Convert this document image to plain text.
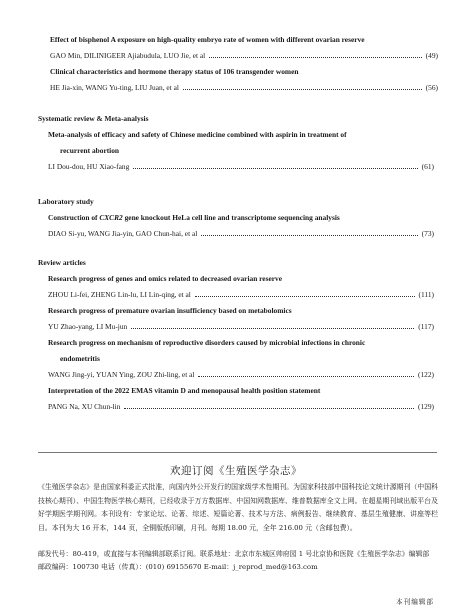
Effect of bisphenol A exposure on high-quality embryo rate of women with different ovarian reserve
GAO Min, DILINIGEER Ajiabudula, LUO Jie, et al	(49)
Clinical characteristics and hormone therapy status of 106 transgender women
HE Jia-xin, WANG Yu-ting, LIU Juan, et al	(56)
Systematic review & Meta-analysis
Meta-analysis of efficacy and safety of Chinese medicine combined with aspirin in treatment of
recurrent abortion
LI Dou-dou, HU Xiao-fang	(61)
Laboratory study
Construction of CXCR2 gene knockout HeLa cell line and transcriptome sequencing analysis
DIAO Si-yu, WANG Jia-yin, GAO Chun-hai, et al	(73)
Review articles
Research progress of genes and omics related to decreased ovarian reserve
ZHOU Li-fei, ZHENG Lin-lu, LI Lin-qing, et al	(111)
Research progress of premature ovarian insufficiency based on metabolomics
YU Zhao-yang, LI Mu-jun	(117)
Research progress on mechanism of reproductive disorders caused by microbial infections in chronic
endometritis
WANG Jing-yi, YUAN Ying, ZOU Zhi-ling, et al	(122)
Interpretation of the 2022 EMAS vitamin D and menopausal health position statement
PANG Na, XU Chun-lin	(129)
欢迎订阅《生殖医学杂志》
《生殖医学杂志》是由国家科委正式批准，向国内外公开发行的国家级学术性期刊。为国家科技部中国科技论文统计源期刊（中国科技核心期刊）、中国生物医学核心期刊，已经收录于万方数据库、中国知网数据库、维普数据库全文上网。在超星期刊域出版平台及好学期医学期刊网。本刊设有：专家论坛、论著、综述、短篇论著、技术与方法、病例报告、继续教育、基层生殖健康、讲座等栏目。本刊为大 16 开本，144 页，全铜版纸印刷，月刊。每期 18.00 元，全年 216.00 元（含邮包费）。
邮发代号：80-419，或直接与本刊编辑部联系订阅。联系地址：北京市东城区帅府园 1 号北京协和医院《生殖医学杂志》编辑部 邮政编码：100730 电话（传真）：(010) 69155670 E-mail：j_reprod_med@163.com
本刊编辑部
